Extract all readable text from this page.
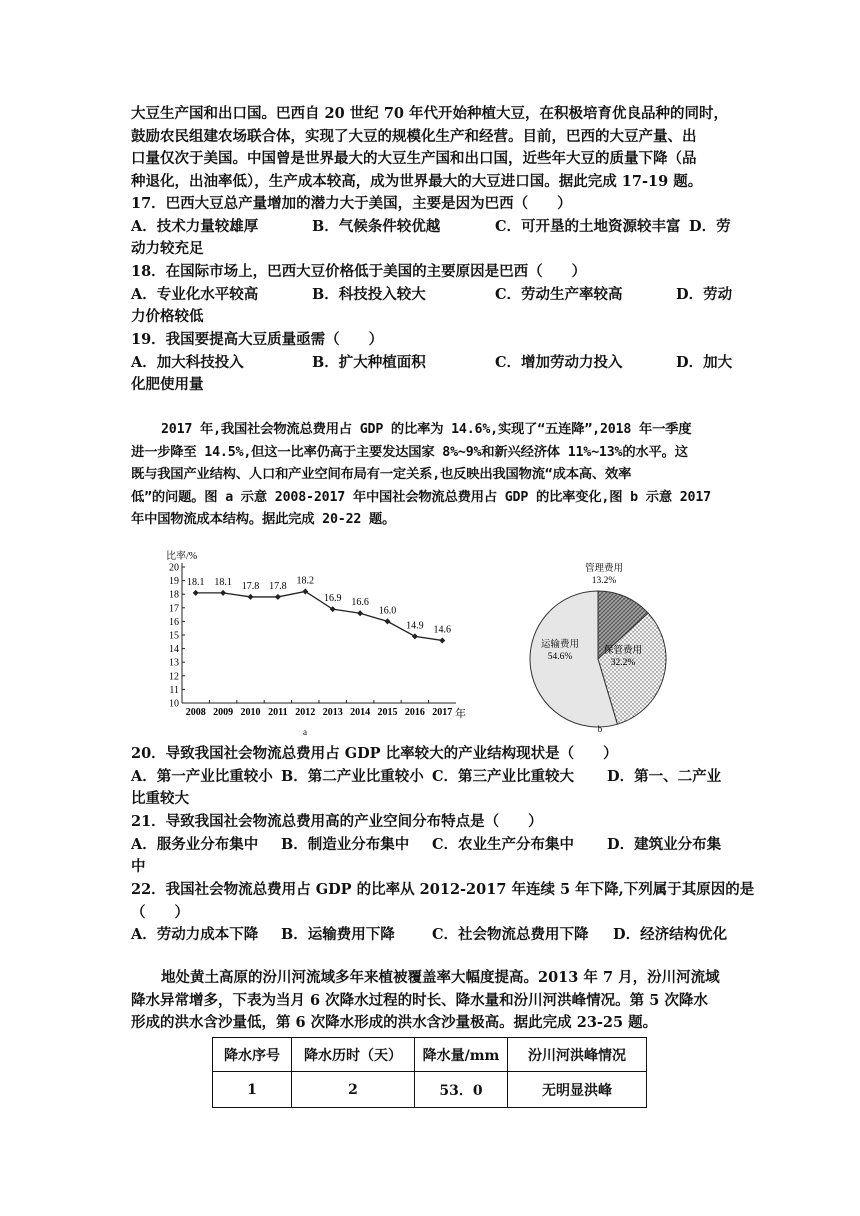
大豆生产国和出口国。巴西自 20 世纪 70 年代开始种植大豆，在积极培育优良品种的同时，
鼓励农民组建农场联合体，实现了大豆的规模化生产和经营。目前，巴西的大豆产量、出
口量仅次于美国。中国曾是世界最大的大豆生产国和出口国，近些年大豆的质量下降（品
种退化，出油率低），生产成本较高，成为世界最大的大豆进口国。据此完成 17-19 题。
17．巴西大豆总产量增加的潜力大于美国，主要是因为巴西（　　）
A．技术力量较雄厚	B．气候条件较优越	C．可开垦的土地资源较丰富 D．劳
动力较充足
18．在国际市场上，巴西大豆价格低于美国的主要原因是巴西（　　）
A．专业化水平较高	B．科技投入较大	C．劳动生产率较高	D．劳动
力价格较低
19．我国要提高大豆质量亟需（　　）
A．加大科技投入	B．扩大种植面积	C．增加劳动力投入	D．加大
化肥使用量
2017 年,我国社会物流总费用占 GDP 的比率为 14.6%,实现了“五连降”,2018 年一季度
进一步降至 14.5%,但这一比率仍高于主要发达国家 8%~9%和新兴经济体 11%~13%的水平。这
既与我国产业结构、人口和产业空间布局有一定关系,也反映出我国物流“成本高、效率
低”的问题。图 a 示意 2008-2017 年中国社会物流总费用占 GDP 的比率变化,图 b 示意 2017
年中国物流成本结构。据此完成 20-22 题。
比率/%
10
11
12
13
14
15
16
17
18
19
20
18.1 18.1 17.8 17.8 18.2
16.9 16.6
16.0
14.9 14.6
2008 2009 2010 2011 2012 2013 2014 2015 2016 2017 年
a
管理费用
13.2%
保管费用
32.2%
运输费用
54.6%
b
20．导致我国社会物流总费用占 GDP 比率较大的产业结构现状是（　　）
A．第一产业比重较小 B．第二产业比重较小 C．第三产业比重较大 D．第一、二产业
比重较大
21．导致我国社会物流总费用高的产业空间分布特点是（　　）
A．服务业分布集中 B．制造业分布集中 C．农业生产分布集中 D．建筑业分布集
中
22．我国社会物流总费用占 GDP 的比率从 2012-2017 年连续 5 年下降,下列属于其原因的是
（　　）
A．劳动力成本下降 B．运输费用下降	C．社会物流总费用下降 D．经济结构优化
地处黄土高原的汾川河流域多年来植被覆盖率大幅度提高。2013 年 7 月，汾川河流域
降水异常增多，下表为当月 6 次降水过程的时长、降水量和汾川河洪峰情况。第 5 次降水
形成的洪水含沙量低，第 6 次降水形成的洪水含沙量极高。据此完成 23-25 题。
降水序号	降水历时（天）	降水量/mm	汾川河洪峰情况
1	2	53．0	无明显洪峰
